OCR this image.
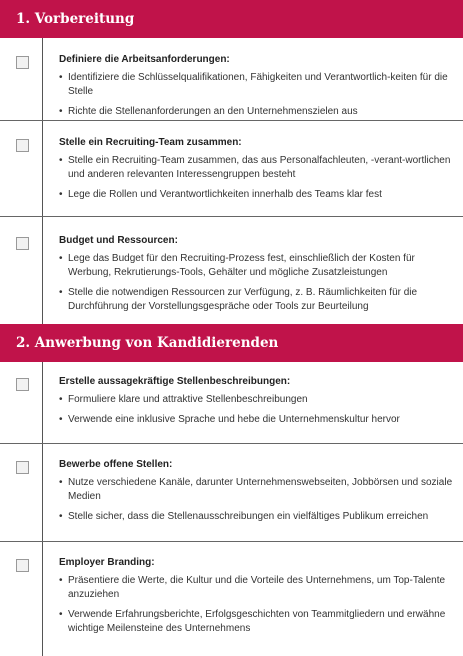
1. Vorbereitung
Definiere die Arbeitsanforderungen:
• Identifiziere die Schlüsselqualifikationen, Fähigkeiten und Verantwortlich-keiten für die Stelle
• Richte die Stellenanforderungen an den Unternehmenszielen aus
Stelle ein Recruiting-Team zusammen:
• Stelle ein Recruiting-Team zusammen, das aus Personalfachleuten, -verant-wortlichen und anderen relevanten Interessengruppen besteht
• Lege die Rollen und Verantwortlichkeiten innerhalb des Teams klar fest
Budget und Ressourcen:
• Lege das Budget für den Recruiting-Prozess fest, einschließlich der Kosten für Werbung, Rekrutierungs-Tools, Gehälter und mögliche Zusatzleistungen
• Stelle die notwendigen Ressourcen zur Verfügung, z. B. Räumlichkeiten für die Durchführung der Vorstellungsgespräche oder Tools zur Beurteilung
2. Anwerbung von Kandidierenden
Erstelle aussagekräftige Stellenbeschreibungen:
• Formuliere klare und attraktive Stellenbeschreibungen
• Verwende eine inklusive Sprache und hebe die Unternehmenskultur hervor
Bewerbe offene Stellen:
• Nutze verschiedene Kanäle, darunter Unternehmenswebseiten, Jobbörsen und soziale Medien
• Stelle sicher, dass die Stellenausschreibungen ein vielfältiges Publikum erreichen
Employer Branding:
• Präsentiere die Werte, die Kultur und die Vorteile des Unternehmens, um Top-Talente anzuziehen
• Verwende Erfahrungsberichte, Erfolgsgeschichten von Teammitgliedern und erwähne wichtige Meilensteine des Unternehmens
